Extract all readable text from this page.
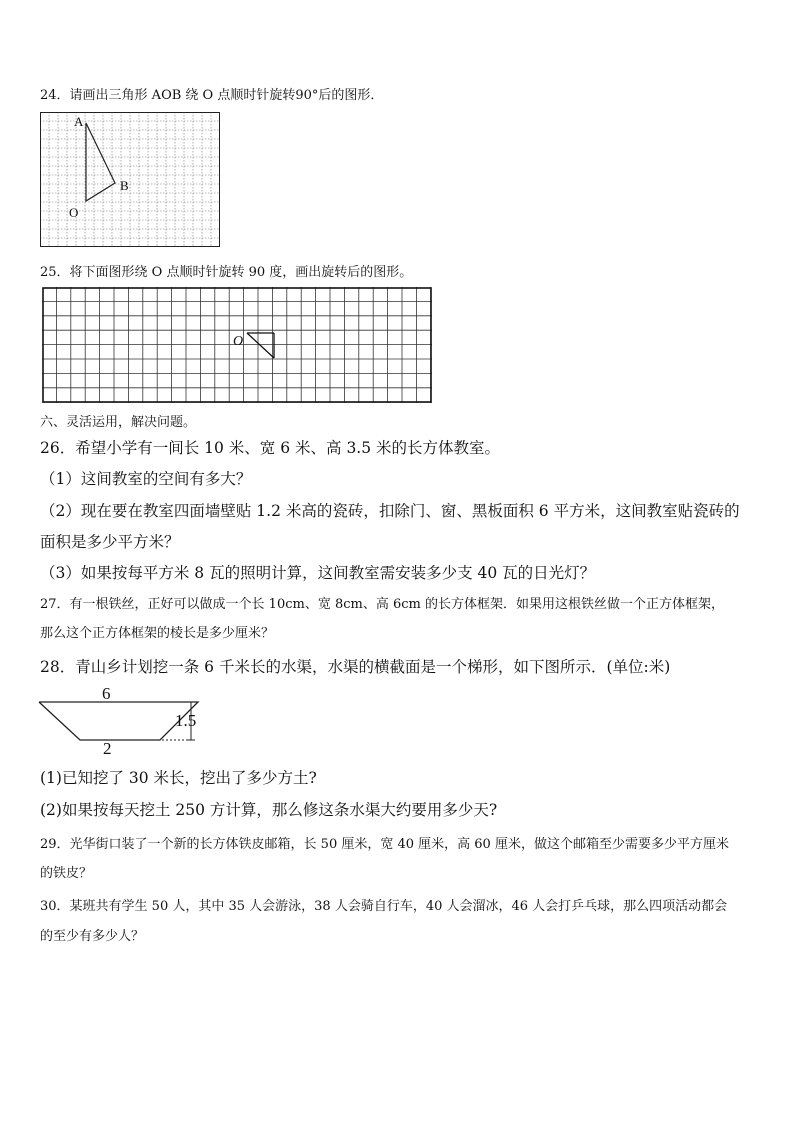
24．请画出三角形 AOB 绕 O 点顺时针旋转90°后的图形．
A
B
O
25．将下面图形绕 O 点顺时针旋转 90 度，画出旋转后的图形。
O
六、灵活运用，解决问题。
26．希望小学有一间长 10 米、宽 6 米、高 3.5 米的长方体教室。
（1）这间教室的空间有多大？
（2）现在要在教室四面墙壁贴 1.2 米高的瓷砖，扣除门、窗、黑板面积 6 平方米，这间教室贴瓷砖的
面积是多少平方米？
（3）如果按每平方米 8 瓦的照明计算，这间教室需安装多少支 40 瓦的日光灯？
27．有一根铁丝，正好可以做成一个长 10cm、宽 8cm、高 6cm 的长方体框架．如果用这根铁丝做一个正方体框架，
那么这个正方体框架的棱长是多少厘米？
28．青山乡计划挖一条 6 千米长的水渠，水渠的横截面是一个梯形，如下图所示．(单位:米)
6
2
1.5
(1)已知挖了 30 米长，挖出了多少方土?
(2)如果按每天挖土 250 方计算，那么修这条水渠大约要用多少天?
29．光华街口装了一个新的长方体铁皮邮箱，长 50 厘米，宽 40 厘米，高 60 厘米，做这个邮箱至少需要多少平方厘米
的铁皮？
30．某班共有学生 50 人，其中 35 人会游泳，38 人会骑自行车，40 人会溜冰，46 人会打乒乓球，那么四项活动都会
的至少有多少人？
